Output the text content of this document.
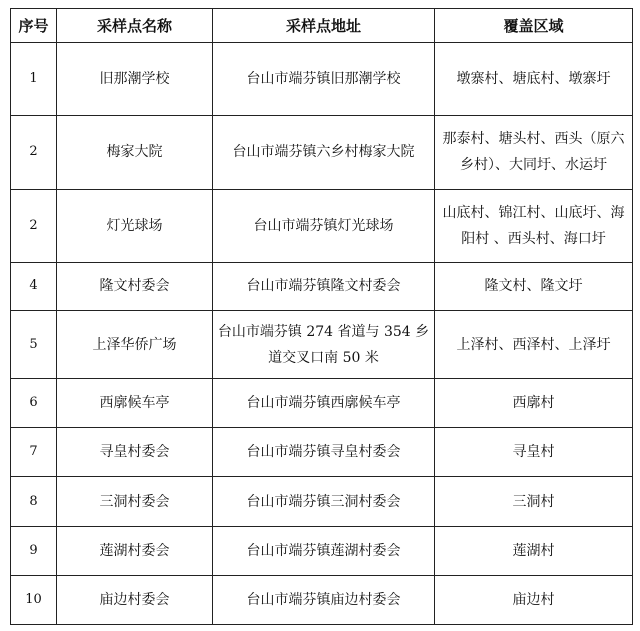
序号	采样点名称	采样点地址	覆盖区域
1	旧那潮学校	台山市端芬镇旧那潮学校	墩寨村、塘底村、墩寨圩
2	梅家大院	台山市端芬镇六乡村梅家大院	那泰村、塘头村、西头（原六乡村）、大同圩、水运圩
2	灯光球场	台山市端芬镇灯光球场	山底村、锦江村、山底圩、海阳村 、西头村、海口圩
4	隆文村委会	台山市端芬镇隆文村委会	隆文村、隆文圩
5	上泽华侨广场	台山市端芬镇 274 省道与 354 乡道交叉口南 50 米	上泽村、西泽村、上泽圩
6	西廓候车亭	台山市端芬镇西廓候车亭	西廓村
7	寻皇村委会	台山市端芬镇寻皇村委会	寻皇村
8	三洞村委会	台山市端芬镇三洞村委会	三洞村
9	莲湖村委会	台山市端芬镇莲湖村委会	莲湖村
10	庙边村委会	台山市端芬镇庙边村委会	庙边村
